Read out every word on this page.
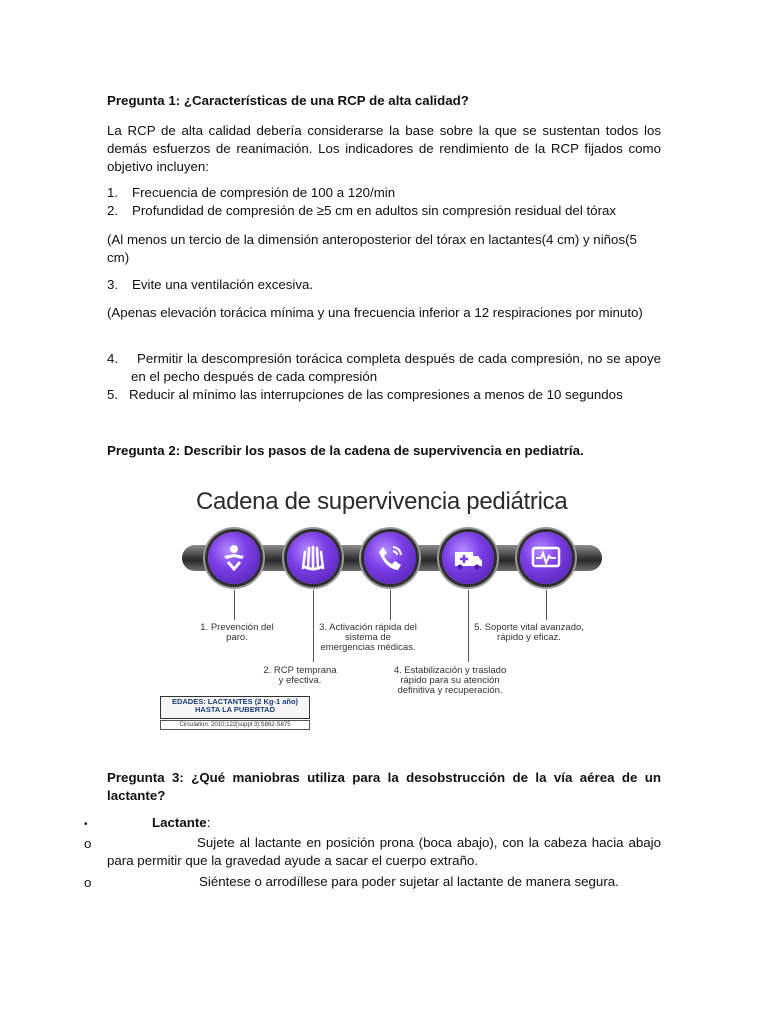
Pregunta 1: ¿Características de una RCP de alta calidad?
La RCP de alta calidad debería considerarse la base sobre la que se sustentan todos los demás esfuerzos de reanimación. Los indicadores de rendimiento de la RCP fijados como objetivo incluyen:
1. Frecuencia de compresión de 100 a 120/min
2. Profundidad de compresión de ≥5 cm en adultos sin compresión residual del tórax
(Al menos un tercio de la dimensión anteroposterior del tórax en lactantes(4 cm) y niños(5 cm)
3. Evite una ventilación excesiva.
(Apenas elevación torácica mínima y una frecuencia inferior a 12 respiraciones por minuto)
4.	Permitir la descompresión torácica completa después de cada compresión, no se apoye en el pecho después de cada compresión
5. Reducir al mínimo las interrupciones de las compresiones a menos de 10 segundos
Pregunta 2: Describir los pasos de la cadena de supervivencia en pediatría.
Cadena de supervivencia pediátrica
1. Prevención del paro.
2. RCP temprana y efectiva.
3. Activación rápida del sistema de emergencias médicas.
4. Estabilización y traslado rápido para su atención definitiva y recuperación.
5. Soporte vital avanzado, rápido y eficaz.
EDADES: LACTANTES (2 Kg-1 año) HASTA LA PUBERTAD
Circulation. 2010;122[suppl 3]:S862-S875
Pregunta 3: ¿Qué maniobras utiliza para la desobstrucción de la vía aérea de un lactante?
•	Lactante:
o	Sujete al lactante en posición prona (boca abajo), con la cabeza hacia abajo para permitir que la gravedad ayude a sacar el cuerpo extraño.
o	Siéntese o arrodíllese para poder sujetar al lactante de manera segura.
